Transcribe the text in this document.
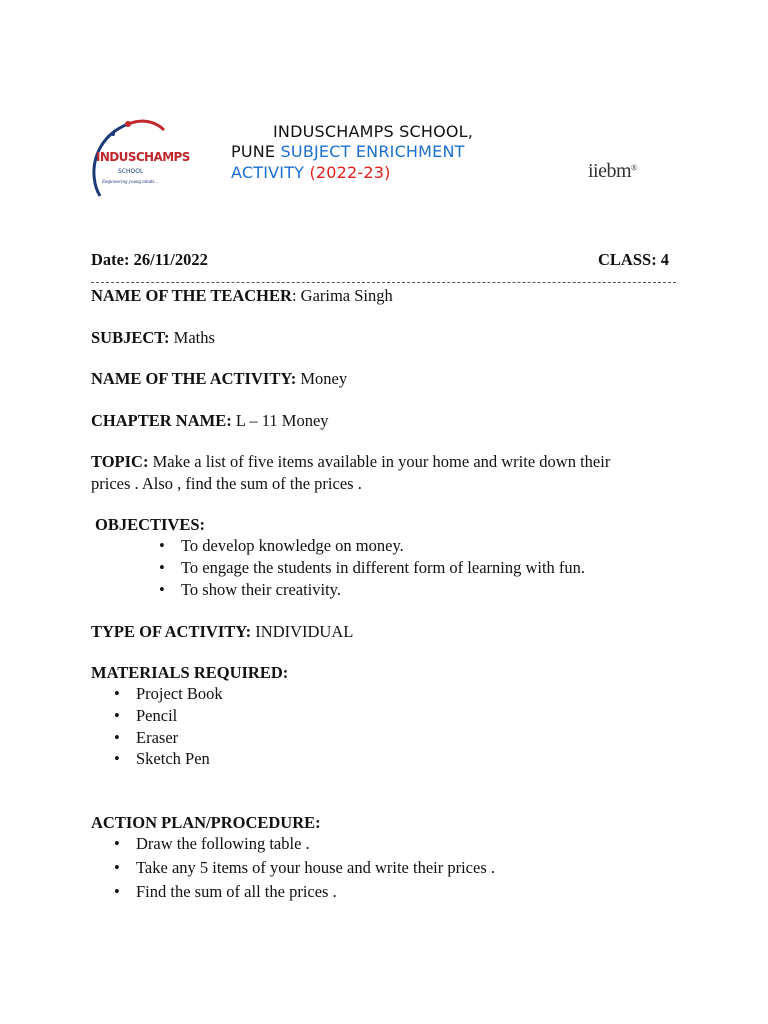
INDUSCHAMPS
SCHOOL
Empowering young minds...
INDUSCHAMPS SCHOOL,
PUNE SUBJECT ENRICHMENT
ACTIVITY (2022-23)	iiebm®
Date: 26/11/2022	CLASS: 4
NAME OF THE TEACHER: Garima Singh
SUBJECT: Maths
NAME OF THE ACTIVITY: Money
CHAPTER NAME: L – 11 Money
TOPIC: Make a list of five items available in your home and write down their
prices . Also , find the sum of the prices .
OBJECTIVES:
• To develop knowledge on money.
• To engage the students in different form of learning with fun.
• To show their creativity.
TYPE OF ACTIVITY: INDIVIDUAL
MATERIALS REQUIRED:
• Project Book
• Pencil
• Eraser
• Sketch Pen
ACTION PLAN/PROCEDURE:
• Draw the following table .
• Take any 5 items of your house and write their prices .
• Find the sum of all the prices .
